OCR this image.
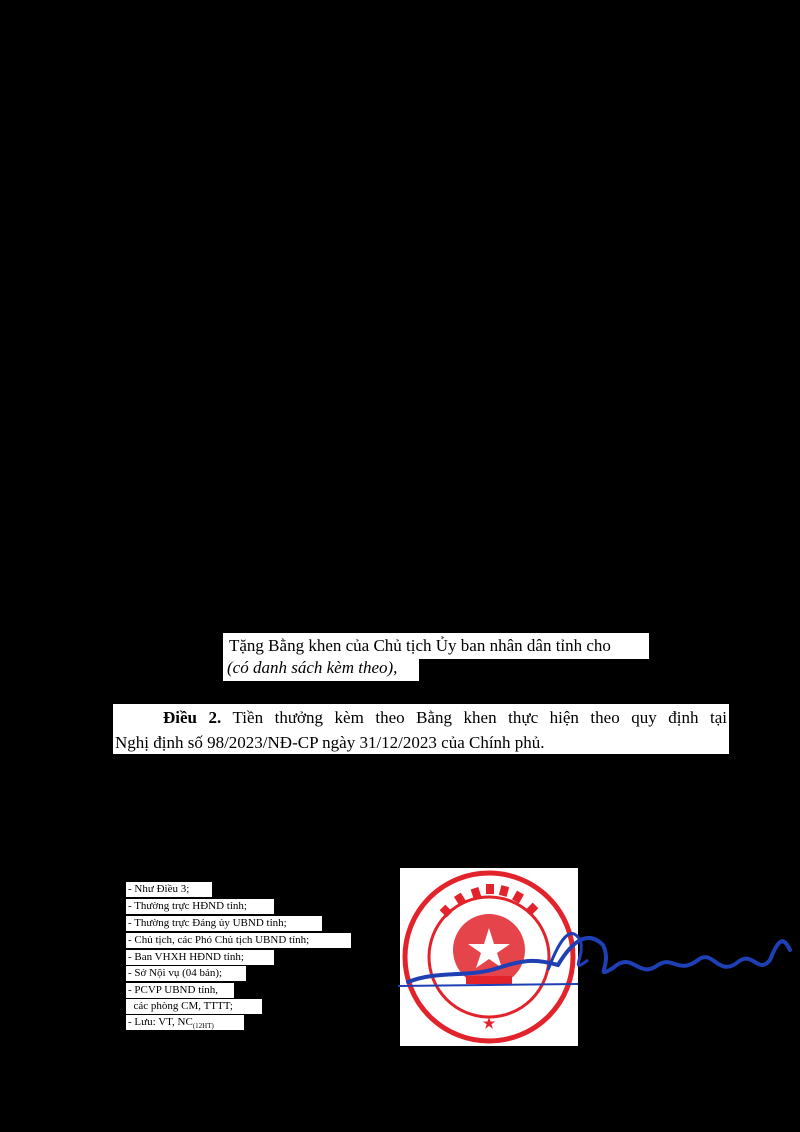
Tặng Bằng khen của Chủ tịch Ủy ban nhân dân tỉnh cho
(có danh sách kèm theo),
Điều 2. Tiền thưởng kèm theo Bằng khen thực hiện theo quy định tại
Nghị định số 98/2023/NĐ-CP ngày 31/12/2023 của Chính phủ.
- Như Điều 3;
- Thường trực HĐND tỉnh;
- Thường trực Đảng ủy UBND tỉnh;
- Chủ tịch, các Phó Chủ tịch UBND tỉnh;
- Ban VHXH HĐND tỉnh;
- Sở Nội vụ (04 bản);
- PCVP UBND tỉnh,
các phòng CM, TTTT;
- Lưu: VT, $NC_{(12HT)}$	★
